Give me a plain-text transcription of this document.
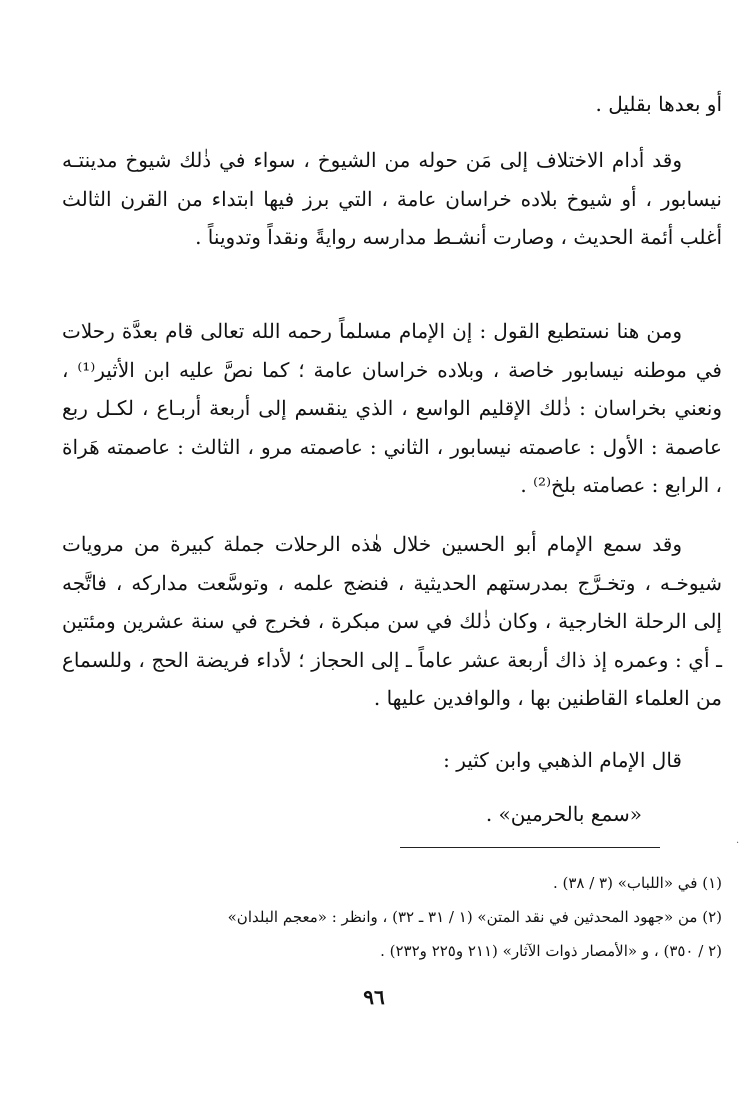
أو بعدها بقليل .

وقد أدام الاختلاف إلى مَن حوله من الشيوخ ، سواء في ذٰلك شيوخ مدينتـه نيسابور ، أو شيوخ بلاده خراسان عامة ، التي برز فيها ابتداء من القرن الثالث أغلب أئمة الحديث ، وصارت أنشـط مدارسه روايةً ونقداً وتدويناً .

ومن هنا نستطيع القول : إن الإمام مسلماً رحمه الله تعالى قام بعدَّة رحلات في موطنه نيسابور خاصة ، وبلاده خراسان عامة ؛ كما نصَّ عليه ابن الأثير⁽¹⁾ ، ونعني بخراسان : ذٰلك الإقليم الواسع ، الذي ينقسم إلى أربعة أربـاع ، لكـل ربع عاصمة : الأول : عاصمته نيسابور ، الثاني : عاصمته مرو ، الثالث : عاصمته هَراة ، الرابع : عصامته بلخ⁽²⁾ .

وقد سمع الإمام أبو الحسين خلال هٰذه الرحلات جملة كبيرة من مرويات شيوخـه ، وتخـرَّج بمدرستهم الحديثية ، فنضج علمه ، وتوسَّعت مداركه ، فاتَّجه إلى الرحلة الخارجية ، وكان ذٰلك في سن مبكرة ، فخرج في سنة عشرين ومئتين ـ أي : وعمره إذ ذاك أربعة عشر عاماً ـ إلى الحجاز ؛ لأداء فريضة الحج ، وللسماع من العلماء القاطنين بها ، والوافدين عليها .

قال الإمام الذهبي وابن كثير :

«سمع بالحرمين» .

(١) في «اللباب» (٣ / ٣٨) .
(٢) من «جهود المحدثين في نقد المتن» (١ / ٣١ ـ ٣٢) ، وانظر : «معجم البلدان»
(٢ / ٣٥٠) ، و «الأمصار ذوات الآثار» (٢١١ و٢٢٥ و٢٣٢) .
٩٦
·
